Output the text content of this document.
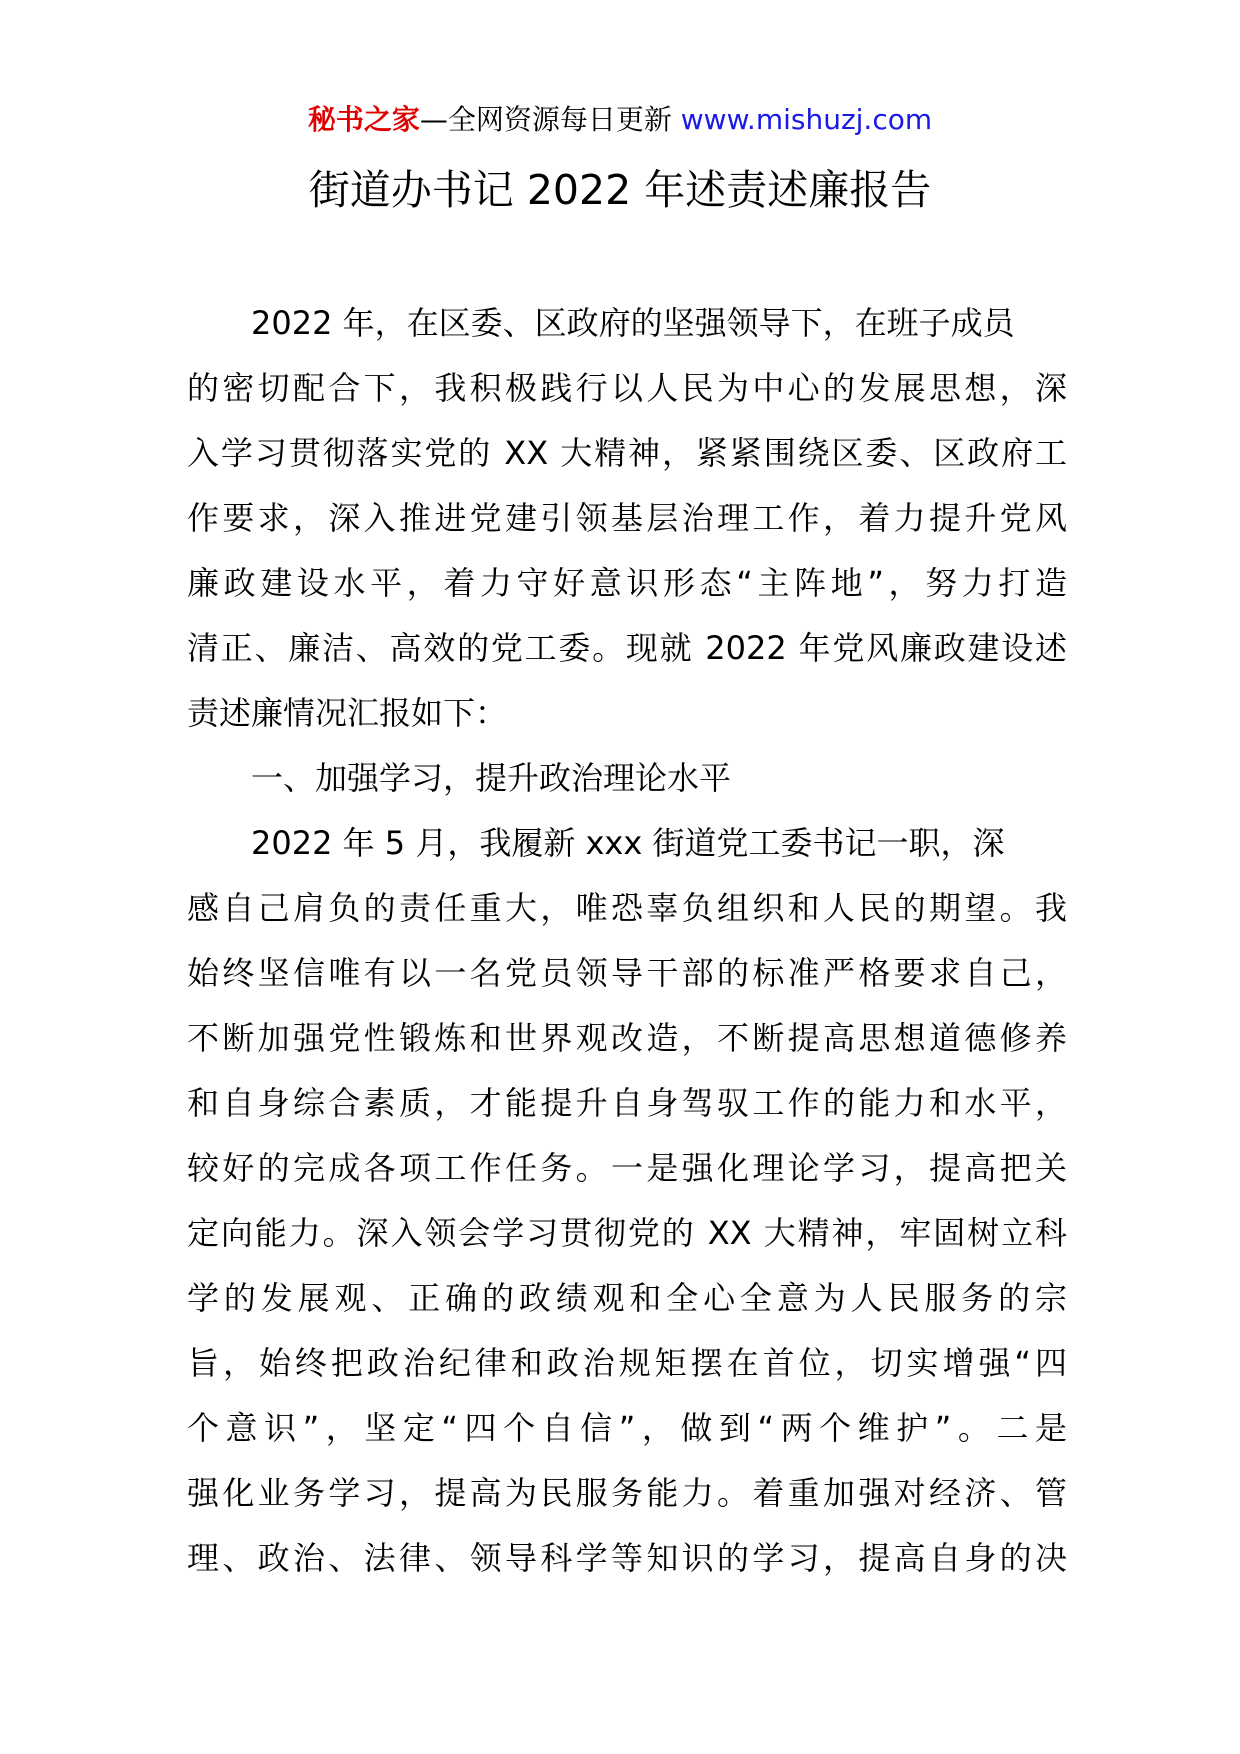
秘书之家—全网资源每日更新 www.mishuzj.com
街道办书记 2022 年述责述廉报告
2022 年，在区委、区政府的坚强领导下，在班子成员
的密切配合下，我积极践行以人民为中心的发展思想，深
入学习贯彻落实党的 XX 大精神，紧紧围绕区委、区政府工
作要求，深入推进党建引领基层治理工作，着力提升党风
廉政建设水平，着力守好意识形态“主阵地”，努力打造
清正、廉洁、高效的党工委。现就 2022 年党风廉政建设述
责述廉情况汇报如下：
一、加强学习，提升政治理论水平
2022 年 5 月，我履新 xxx 街道党工委书记一职，深
感自己肩负的责任重大，唯恐辜负组织和人民的期望。我
始终坚信唯有以一名党员领导干部的标准严格要求自己，
不断加强党性锻炼和世界观改造，不断提高思想道德修养
和自身综合素质，才能提升自身驾驭工作的能力和水平，
较好的完成各项工作任务。一是强化理论学习，提高把关
定向能力。深入领会学习贯彻党的 XX 大精神，牢固树立科
学的发展观、正确的政绩观和全心全意为人民服务的宗
旨，始终把政治纪律和政治规矩摆在首位，切实增强“四
个意识”，坚定“四个自信”，做到“两个维护”。二是
强化业务学习，提高为民服务能力。着重加强对经济、管
理、政治、法律、领导科学等知识的学习，提高自身的决
